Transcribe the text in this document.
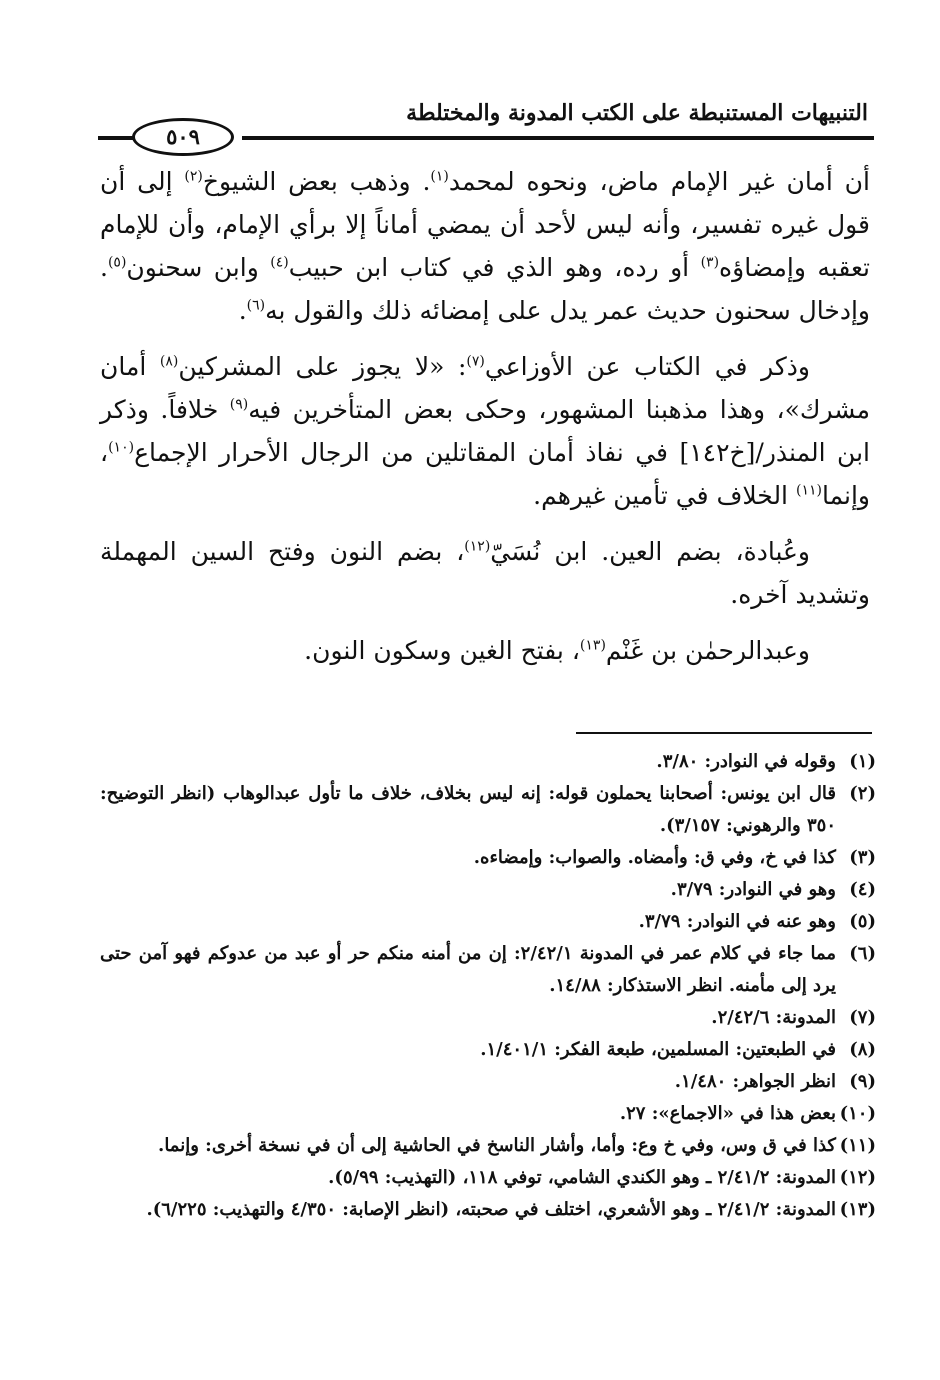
التنبيهات المستنبطة على الكتب المدونة والمختلطة
٥٠٩

أن أمان غير الإمام ماض، ونحوه لمحمد$^{(١)}$. وذهب بعض الشيوخ$^{(٢)}$ إلى أن قول غيره تفسير، وأنه ليس لأحد أن يمضي أماناً إلا برأي الإمام، وأن للإمام تعقبه وإمضاؤه$^{(٣)}$ أو رده، وهو الذي في كتاب ابن حبيب$^{(٤)}$ وابن سحنون$^{(٥)}$. وإدخال سحنون حديث عمر يدل على إمضائه ذلك والقول به$^{(٦)}$.

وذكر في الكتاب عن الأوزاعي$^{(٧)}$: «لا يجوز على المشركين$^{(٨)}$ أمان مشرك»، وهذا مذهبنا المشهور، وحكى بعض المتأخرين فيه$^{(٩)}$ خلافاً. وذكر ابن المنذر/[خ١٤٢] في نفاذ أمان المقاتلين من الرجال الأحرار الإجماع$^{(١٠)}$، وإنما$^{(١١)}$ الخلاف في تأمين غيرهم.

وعُبادة، بضم العين. ابن نُسَيّ$^{(١٢)}$، بضم النون وفتح السين المهملة وتشديد آخره.

وعبدالرحمٰن بن غَنْم$^{(١٣)}$، بفتح الغين وسكون النون.

(١)
وقوله في النوادر: ٣/٨٠.
(٢)
قال ابن يونس: أصحابنا يحملون قوله: إنه ليس بخلاف، خلاف ما تأول عبدالوهاب (انظر التوضيح: ٣٥٠ والرهوني: ٣/١٥٧).
(٣)
كذا في خ، وفي ق: وأمضاه. والصواب: وإمضاءه.
(٤)
وهو في النوادر: ٣/٧٩.
(٥)
وهو عنه في النوادر: ٣/٧٩.
(٦)
مما جاء في كلام عمر في المدونة ٢/٤٢/١: إن من أمنه منكم حر أو عبد من عدوكم فهو آمن حتى يرد إلى مأمنه. انظر الاستذكار: ١٤/٨٨.
(٧)
المدونة: ٢/٤٢/٦.
(٨)
في الطبعتين: المسلمين، طبعة الفكر: ١/٤٠١/١.
(٩)
انظر الجواهر: ١/٤٨٠.
(١٠)
بعض هذا في «الاجماع»: ٢٧.
(١١)
كذا في ق وس، وفي خ وع: وأما، وأشار الناسخ في الحاشية إلى أن في نسخة أخرى: وإنما.
(١٢)
المدونة: ٢/٤١/٢ ـ وهو الكندي الشامي، توفي ١١٨، (التهذيب: ٥/٩٩).
(١٣)
المدونة: ٢/٤١/٢ ـ وهو الأشعري، اختلف في صحبته، (انظر الإصابة: ٤/٣٥٠ والتهذيب: ٦/٢٢٥).
